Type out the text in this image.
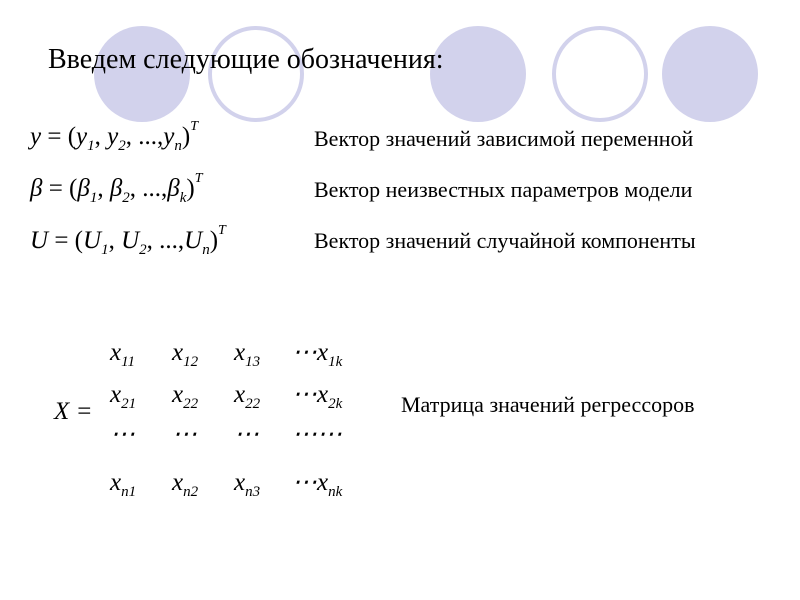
Введем следующие обозначения:
$y = (y_1$, $y_2$, $...,y_n)^T$	Вектор значений зависимой переменной
$\beta = (\beta_1$, $\beta_2$, $...,\beta_k)^T$	Вектор неизвестных параметров модели
$U = (U_1$, $U_2$, $...,U_n)^T$	Вектор значений случайной компоненты
X =
$x_{11}$ $x_{12}$ $x_{13}$ $\cdots x_{1k}$
$x_{21}$ $x_{22}$ $x_{22}$ $\cdots x_{2k}$
⋯ ⋯ ⋯ ⋯⋯
$x_{n1}$ $x_{n2}$ $x_{n3}$ $\cdots x_{nk}$
Матрица значений регрессоров
